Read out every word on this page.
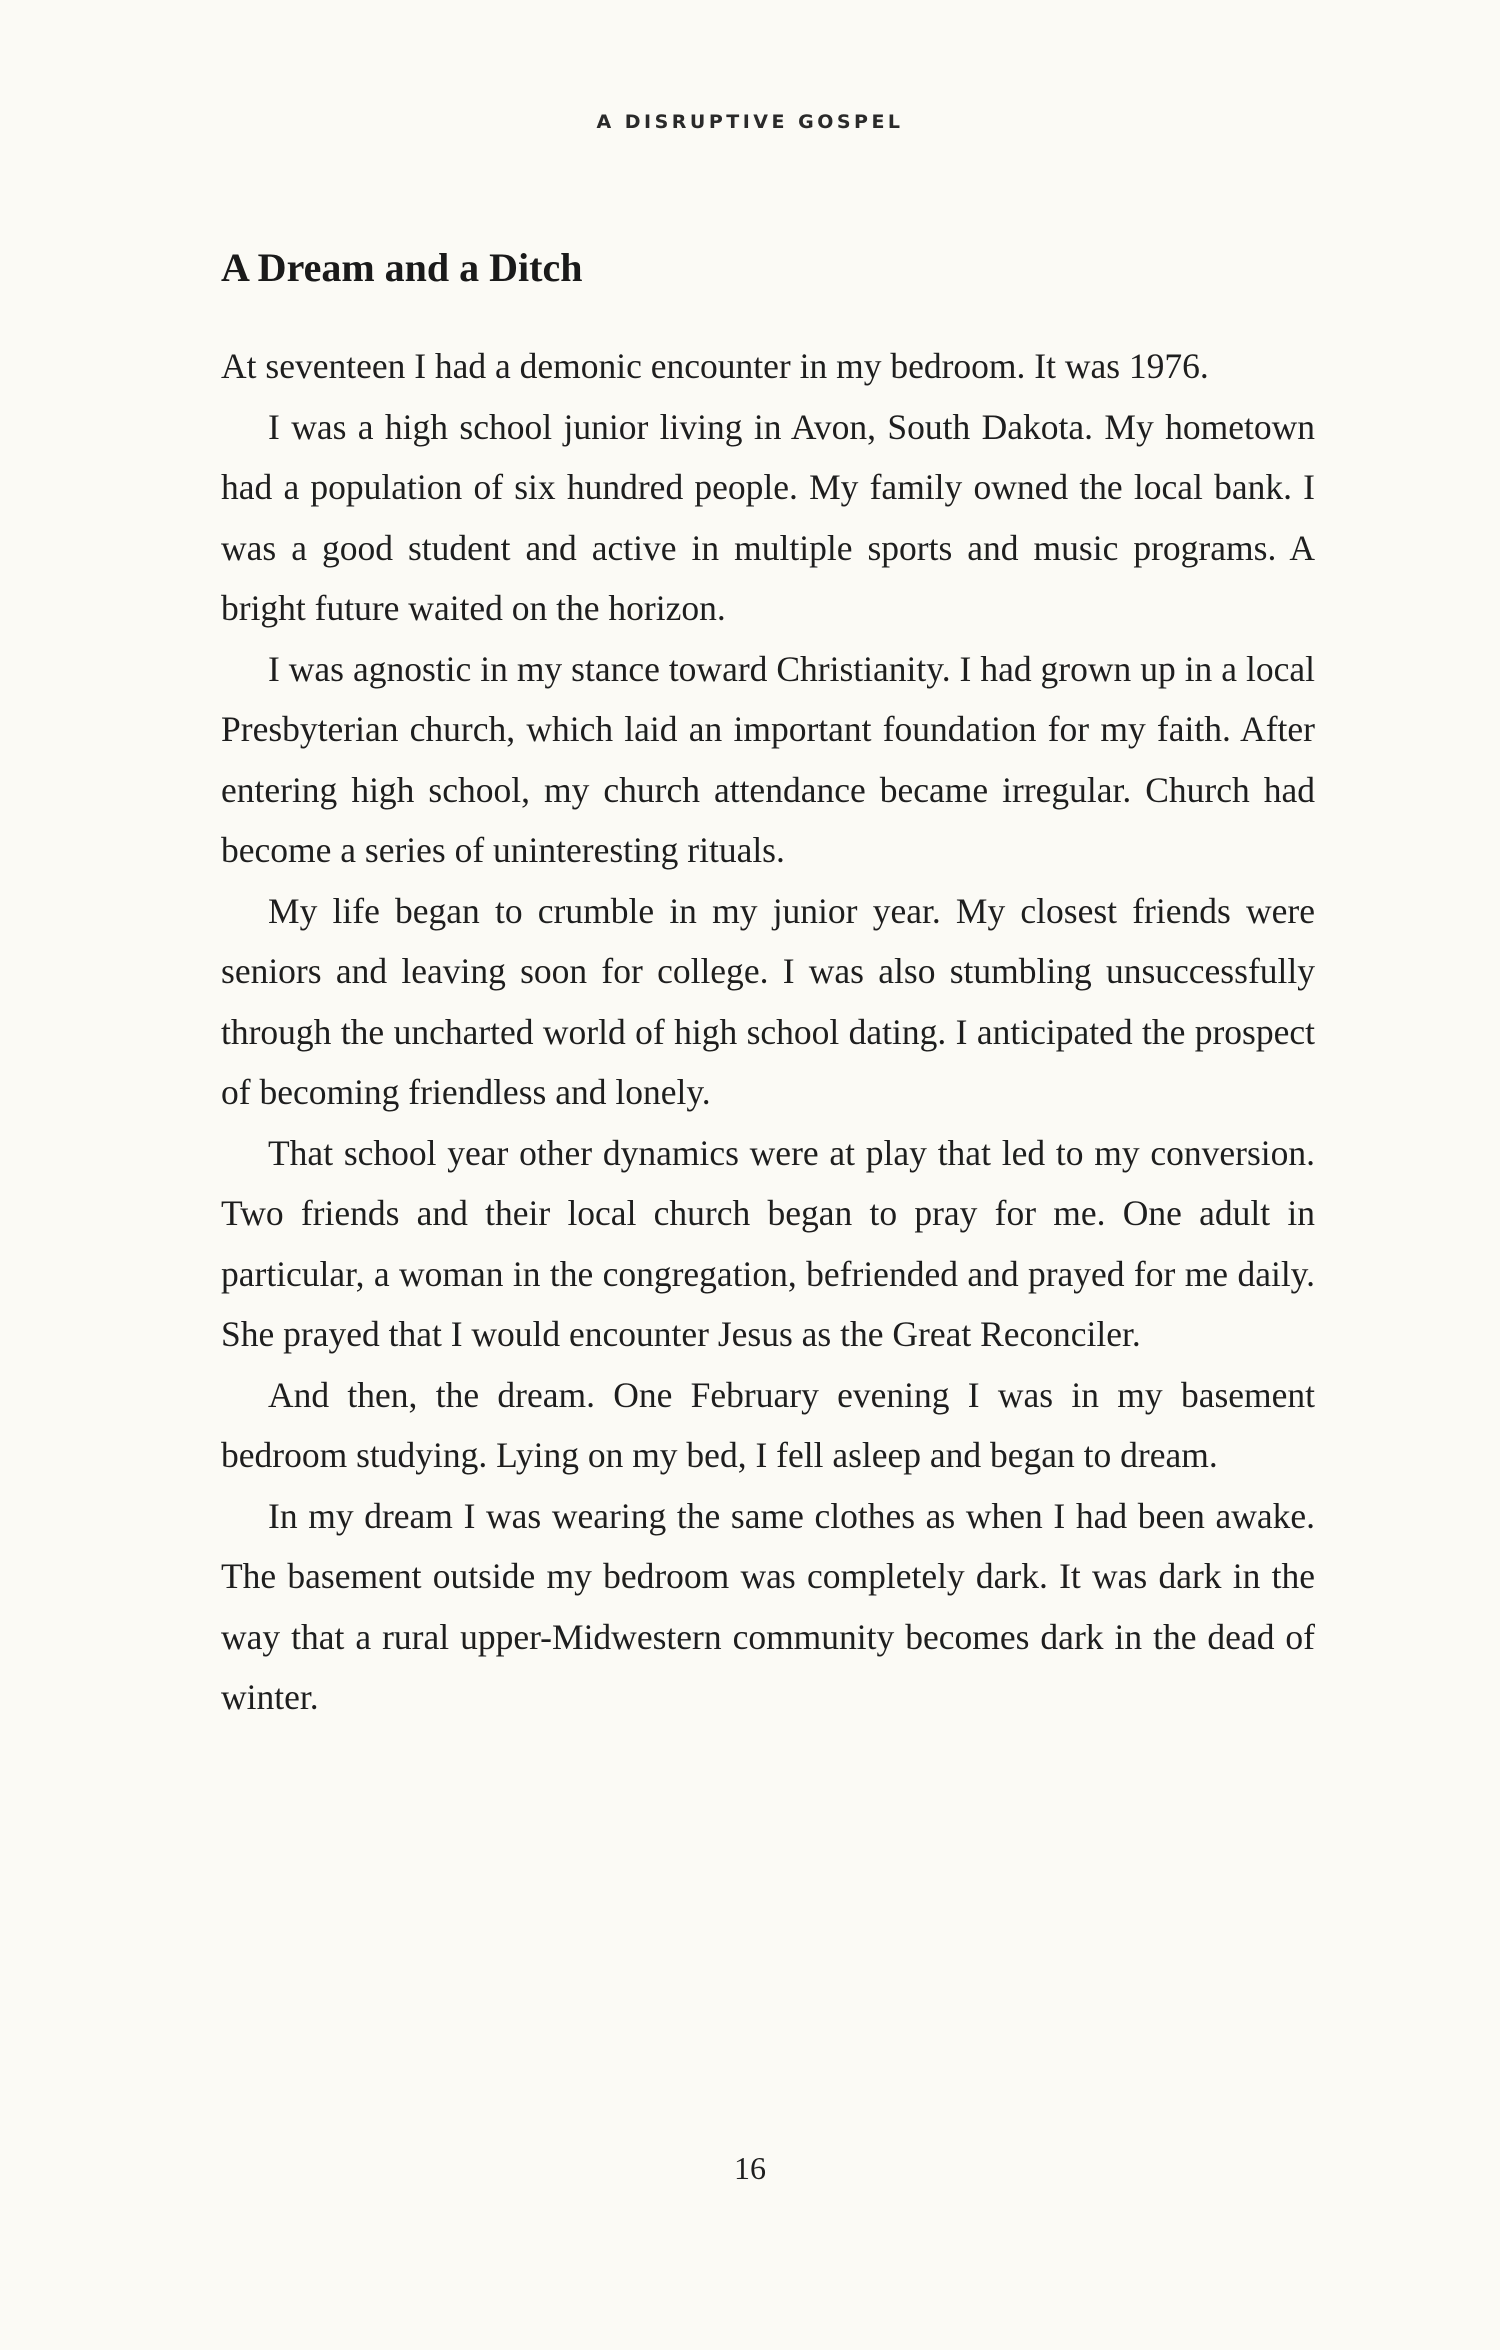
A DISRUPTIVE GOSPEL
A Dream and a Ditch

At seventeen I had a demonic encounter in my bedroom. It was 1976.

I was a high school junior living in Avon, South Dakota. My hometown had a population of six hundred people. My family owned the local bank. I was a good student and active in multiple sports and music programs. A bright future waited on the horizon.

I was agnostic in my stance toward Christianity. I had grown up in a local Presbyterian church, which laid an important foundation for my faith. After entering high school, my church attendance became irregular. Church had become a series of uninteresting rituals.

My life began to crumble in my junior year. My closest friends were seniors and leaving soon for college. I was also stumbling unsuccessfully through the uncharted world of high school dating. I anticipated the prospect of becoming friendless and lonely.

That school year other dynamics were at play that led to my conversion. Two friends and their local church began to pray for me. One adult in particular, a woman in the congregation, befriended and prayed for me daily. She prayed that I would encounter Jesus as the Great Reconciler.

And then, the dream. One February evening I was in my basement bedroom studying. Lying on my bed, I fell asleep and began to dream.

In my dream I was wearing the same clothes as when I had been awake. The basement outside my bedroom was completely dark. It was dark in the way that a rural upper-Midwestern community becomes dark in the dead of winter.

16
